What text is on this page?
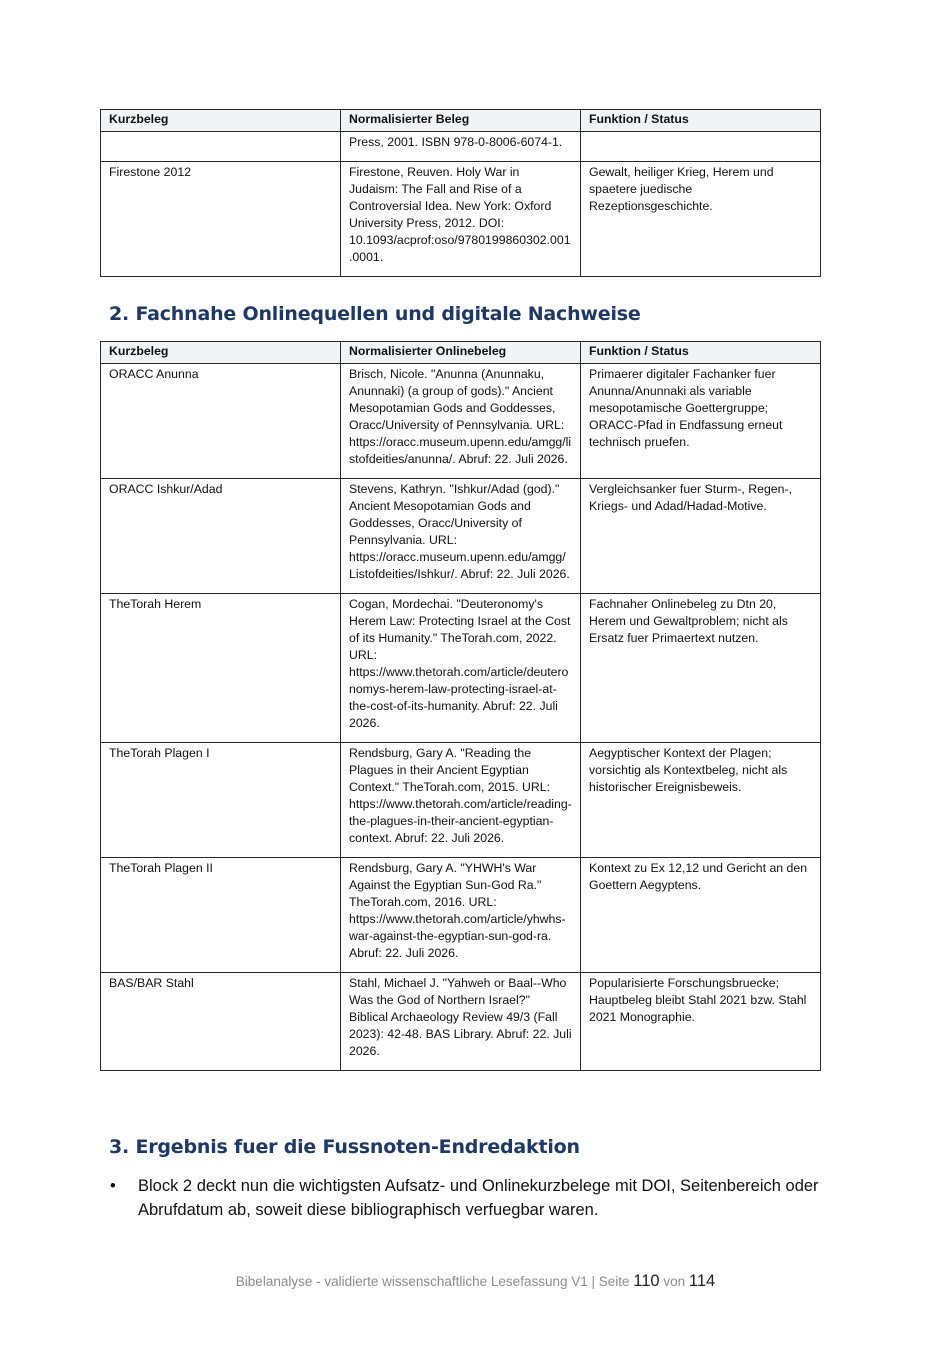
Kurzbeleg	Normalisierter Beleg	Funktion / Status
	Press, 2001. ISBN 978-0-8006-6074-1.	
Firestone 2012	Firestone, Reuven. Holy War in Judaism: The Fall and Rise of a Controversial Idea. New York: Oxford University Press, 2012. DOI: 10.1093/acprof:oso/9780199860302.001.0001.	Gewalt, heiliger Krieg, Herem und spaetere juedische Rezeptionsgeschichte.
2. Fachnahe Onlinequellen und digitale Nachweise
Kurzbeleg	Normalisierter Onlinebeleg	Funktion / Status
ORACC Anunna	Brisch, Nicole. "Anunna (Anunnaku, Anunnaki) (a group of gods)." Ancient Mesopotamian Gods and Goddesses, Oracc/University of Pennsylvania. URL: https://oracc.museum.upenn.edu/amgg/listofdeities/anunna/. Abruf: 22. Juli 2026.	Primaerer digitaler Fachanker fuer Anunna/Anunnaki als variable mesopotamische Goettergruppe; ORACC-Pfad in Endfassung erneut technisch pruefen.
ORACC Ishkur/Adad	Stevens, Kathryn. "Ishkur/Adad (god)." Ancient Mesopotamian Gods and Goddesses, Oracc/University of Pennsylvania. URL: https://oracc.museum.upenn.edu/amgg/Listofdeities/Ishkur/. Abruf: 22. Juli 2026.	Vergleichsanker fuer Sturm-, Regen-, Kriegs- und Adad/Hadad-Motive.
TheTorah Herem	Cogan, Mordechai. "Deuteronomy's Herem Law: Protecting Israel at the Cost of its Humanity." TheTorah.com, 2022. URL: https://www.thetorah.com/article/deuteronomys-herem-law-protecting-israel-at-the-cost-of-its-humanity. Abruf: 22. Juli 2026.	Fachnaher Onlinebeleg zu Dtn 20, Herem und Gewaltproblem; nicht als Ersatz fuer Primaertext nutzen.
TheTorah Plagen I	Rendsburg, Gary A. "Reading the Plagues in their Ancient Egyptian Context." TheTorah.com, 2015. URL: https://www.thetorah.com/article/reading-the-plagues-in-their-ancient-egyptian-context. Abruf: 22. Juli 2026.	Aegyptischer Kontext der Plagen; vorsichtig als Kontextbeleg, nicht als historischer Ereignisbeweis.
TheTorah Plagen II	Rendsburg, Gary A. "YHWH's War Against the Egyptian Sun-God Ra." TheTorah.com, 2016. URL: https://www.thetorah.com/article/yhwhs-war-against-the-egyptian-sun-god-ra. Abruf: 22. Juli 2026.	Kontext zu Ex 12,12 und Gericht an den Goettern Aegyptens.
BAS/BAR Stahl	Stahl, Michael J. "Yahweh or Baal--Who Was the God of Northern Israel?" Biblical Archaeology Review 49/3 (Fall 2023): 42-48. BAS Library. Abruf: 22. Juli 2026.	Popularisierte Forschungsbruecke; Hauptbeleg bleibt Stahl 2021 bzw. Stahl 2021 Monographie.
3. Ergebnis fuer die Fussnoten-Endredaktion
• Block 2 deckt nun die wichtigsten Aufsatz- und Onlinekurzbelege mit DOI, Seitenbereich oder Abrufdatum ab, soweit diese bibliographisch verfuegbar waren.
Bibelanalyse - validierte wissenschaftliche Lesefassung V1 | Seite 110 von 114
